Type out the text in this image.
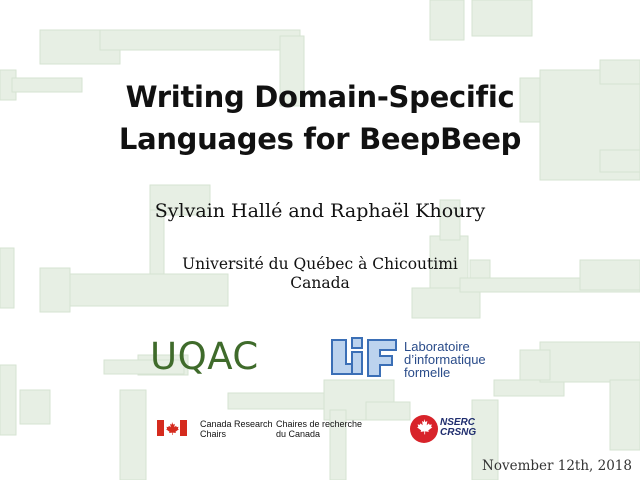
Writing Domain-Specific
Languages for BeepBeep
Sylvain Hallé and Raphaël Khoury
Université du Québec à Chicoutimi
Canada
UQAC	Laboratoire
d’informatique
formelle
Canada Research
Chairs
Chaires de recherche
du Canada
NSERC
CRSNG
November 12th, 2018
